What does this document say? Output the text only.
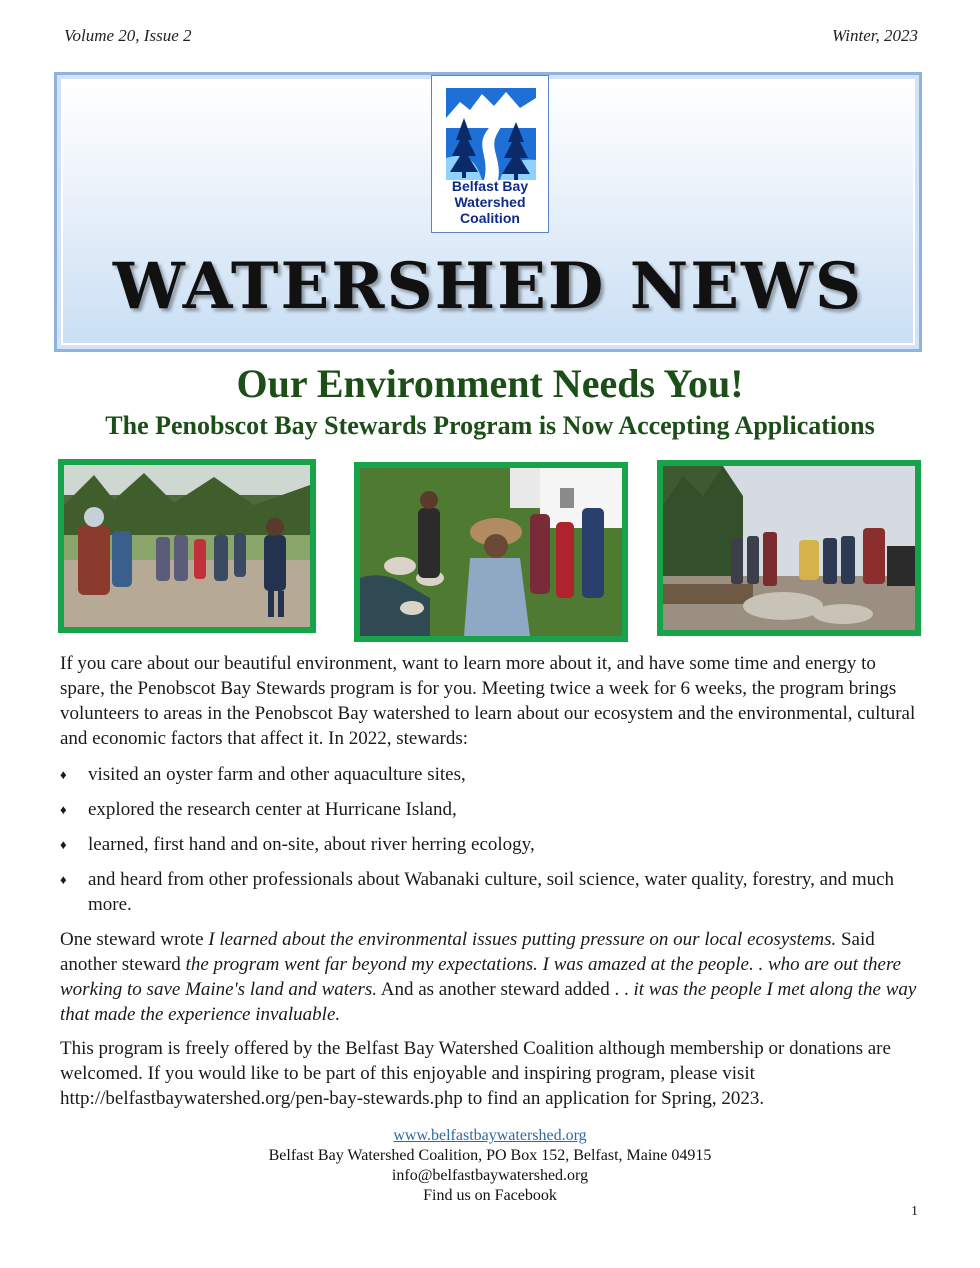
Volume 20, Issue 2	Winter, 2023
Belfast Bay
Watershed
Coalition
WATERSHED NEWS
Our Environment Needs You!
The Penobscot Bay Stewards Program is Now Accepting Applications
If you care about our beautiful environment, want to learn more about it, and have some time and energy to spare, the Penobscot Bay Stewards program is for you. Meeting twice a week for 6 weeks, the program brings volunteers to areas in the Penobscot Bay watershed to learn about our ecosystem and the environmental, cultural and economic factors that affect it. In 2022, stewards:
♦ visited an oyster farm and other aquaculture sites,
♦ explored the research center at Hurricane Island,
♦ learned, first hand and on-site, about river herring ecology,
♦ and heard from other professionals about Wabanaki culture, soil science, water quality, forestry, and much more.
One steward wrote I learned about the environmental issues putting pressure on our local ecosystems. Said another steward the program went far beyond my expectations. I was amazed at the people. . who are out there working to save Maine's land and waters. And as another steward added . . it was the people I met along the way that made the experience invaluable.
This program is freely offered by the Belfast Bay Watershed Coalition although membership or donations are welcomed. If you would like to be part of this enjoyable and inspiring program, please visit http://belfastbaywatershed.org/pen-bay-stewards.php to find an application for Spring, 2023.
www.belfastbaywatershed.org
Belfast Bay Watershed Coalition, PO Box 152, Belfast, Maine 04915
info@belfastbaywatershed.org
Find us on Facebook
1
